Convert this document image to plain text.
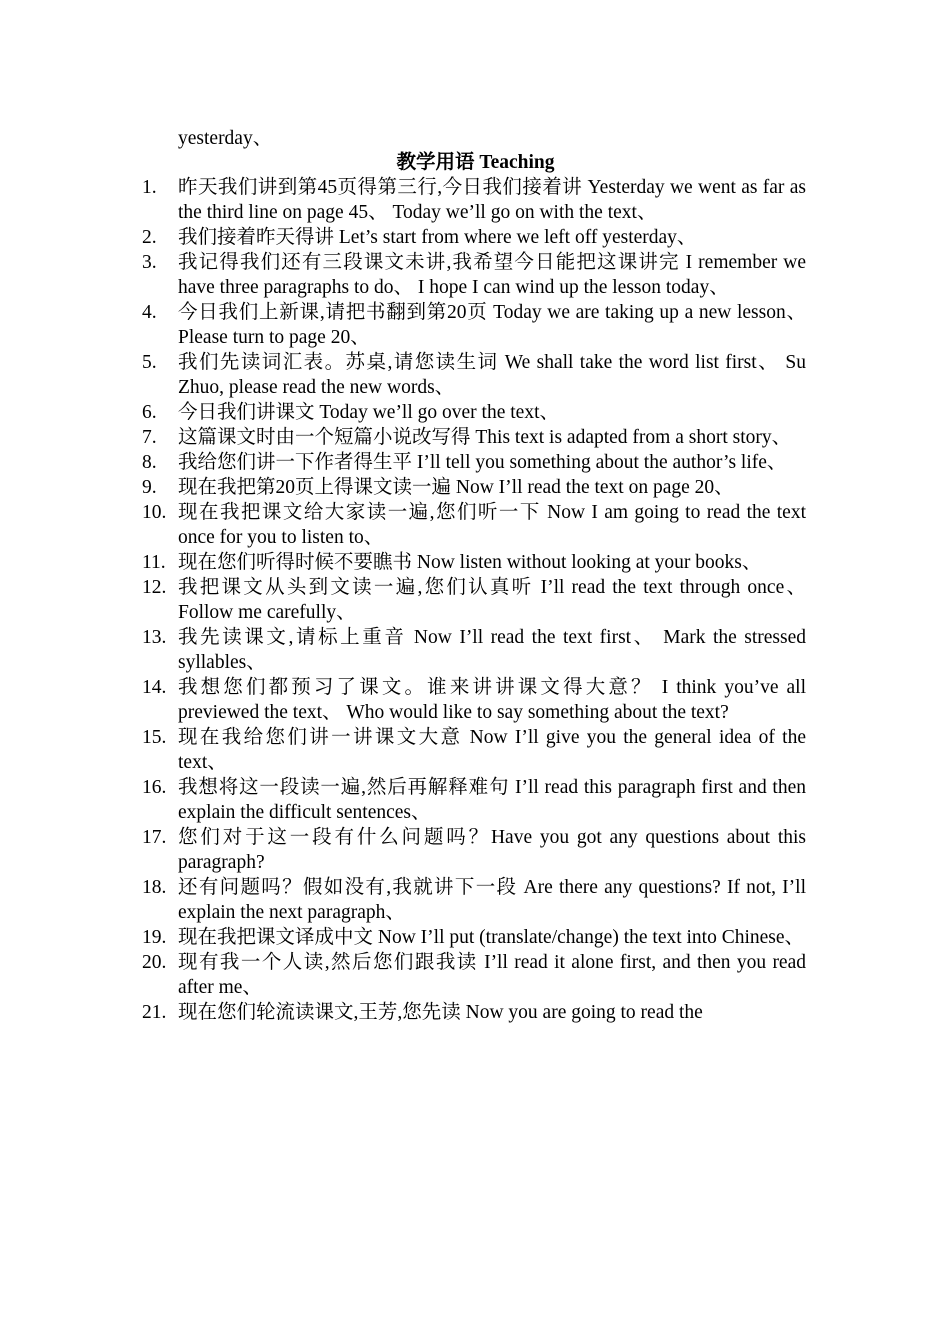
yesterday、

教学用语 Teaching

1.	昨天我们讲到第45页得第三行,今日我们接着讲 Yesterday we went as far as the third line on page 45、 Today we’ll go on with the text、
2.	我们接着昨天得讲 Let’s start from where we left off yesterday、
3.	我记得我们还有三段课文未讲,我希望今日能把这课讲完 I remember we have three paragraphs to do、 I hope I can wind up the lesson today、
4.	今日我们上新课,请把书翻到第20页 Today we are taking up a new lesson、 Please turn to page 20、
5.	我们先读词汇表。苏桌,请您读生词 We shall take the word list first、 Su Zhuo, please read the new words、
6.	今日我们讲课文 Today we’ll go over the text、
7.	这篇课文时由一个短篇小说改写得 This text is adapted from a short story、
8.	我给您们讲一下作者得生平 I’ll tell you something about the author’s life、
9.	现在我把第20页上得课文读一遍 Now I’ll read the text on page 20、
10. 现在我把课文给大家读一遍,您们听一下 Now I am going to read the text once for you to listen to、
11. 现在您们听得时候不要瞧书 Now listen without looking at your books、
12. 我把课文从头到文读一遍,您们认真听 I’ll read the text through once、 Follow me carefully、
13. 我先读课文,请标上重音 Now I’ll read the text first、 Mark the stressed syllables、
14. 我想您们都预习了课文。谁来讲讲课文得大意？ I think you’ve all previewed the text、 Who would like to say something about the text?
15. 现在我给您们讲一讲课文大意 Now I’ll give you the general idea of the text、
16. 我想将这一段读一遍,然后再解释难句 I’ll read this paragraph first and then explain the difficult sentences、
17. 您们对于这一段有什么问题吗？Have you got any questions about this paragraph?
18. 还有问题吗？假如没有,我就讲下一段 Are there any questions? If not, I’ll explain the next paragraph、
19. 现在我把课文译成中文 Now I’ll put (translate/change) the text into Chinese、
20. 现有我一个人读,然后您们跟我读 I’ll read it alone first, and then you read after me、
21. 现在您们轮流读课文,王芳,您先读 Now you are going to read the
